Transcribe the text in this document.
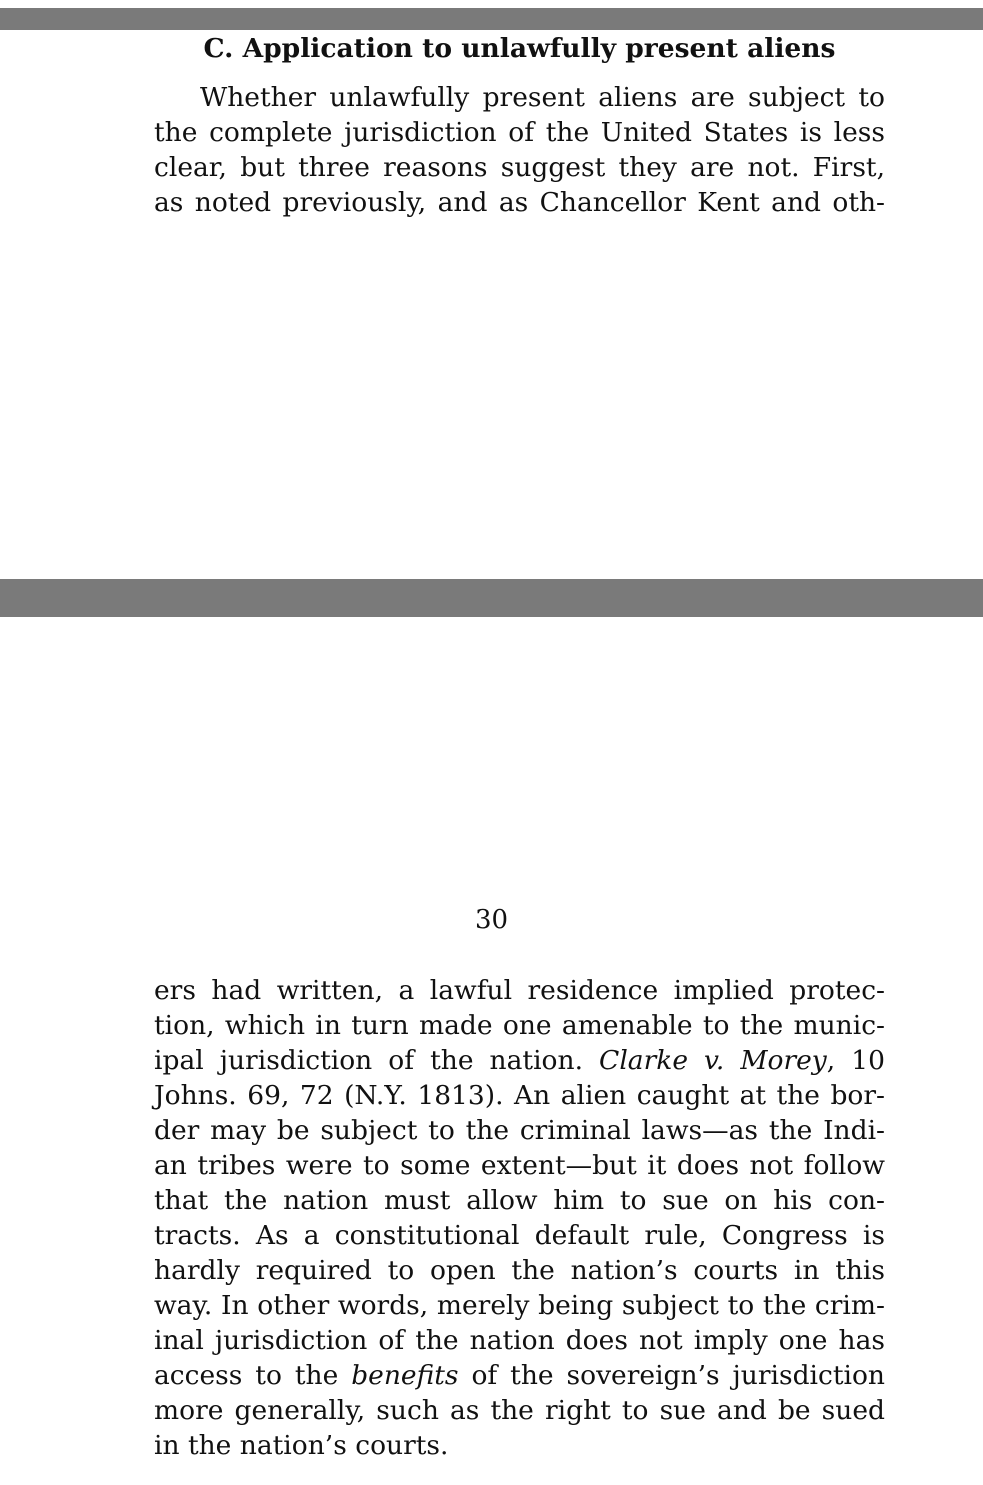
C. Application to unlawfully present aliens
Whether unlawfully present aliens are subject to
the complete jurisdiction of the United States is less
clear, but three reasons suggest they are not. First,
as noted previously, and as Chancellor Kent and oth-
30
ers had written, a lawful residence implied protec-
tion, which in turn made one amenable to the munic-
ipal jurisdiction of the nation. Clarke v. Morey, 10
Johns. 69, 72 (N.Y. 1813). An alien caught at the bor-
der may be subject to the criminal laws—as the Indi-
an tribes were to some extent—but it does not follow
that the nation must allow him to sue on his con-
tracts. As a constitutional default rule, Congress is
hardly required to open the nation’s courts in this
way. In other words, merely being subject to the crim-
inal jurisdiction of the nation does not imply one has
access to the benefits of the sovereign’s jurisdiction
more generally, such as the right to sue and be sued
in the nation’s courts.
